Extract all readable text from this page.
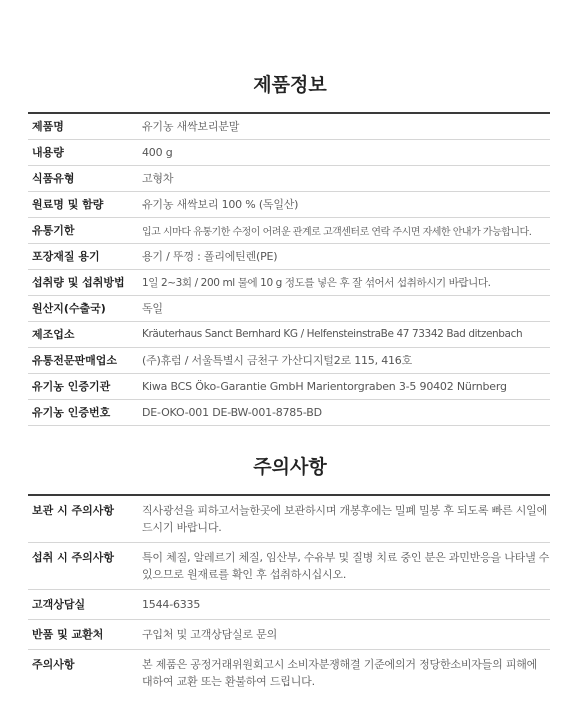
제품정보
제품명	유기농 새싹보리분말
내용량	400 g
식품유형	고형차
원료명 및 함량	유기농 새싹보리 100 % (독일산)
유통기한	입고 시마다 유통기한 수정이 어려운 관계로 고객센터로 연락 주시면 자세한 안내가 가능합니다.
포장재질 용기	용기 / 뚜껑 : 폴리에틴렌(PE)
섭취량 및 섭취방법	1일 2~3회 / 200 ml 물에 10 g 정도를 넣은 후 잘 섞어서 섭취하시기 바랍니다.
원산지(수출국)	독일
제조업소	Kräuterhaus Sanct Bernhard KG / HelfensteinstraBe 47 73342 Bad ditzenbach
유통전문판매업소	(주)휴럼 / 서울특별시 금천구 가산디지털2로 115, 416호
유기농 인증기관	Kiwa BCS Öko-Garantie GmbH Marientorgraben 3-5 90402 Nürnberg
유기농 인증번호	DE-OKO-001 DE-BW-001-8785-BD
주의사항
보관 시 주의사항	직사광선을 피하고서늘한곳에 보관하시며 개봉후에는 밀폐 밀봉 후 되도록 빠른 시일에 드시기 바랍니다.
섭취 시 주의사항	특이 체질, 알레르기 체질, 임산부, 수유부 및 질병 치료 중인 분은 과민반응을 나타낼 수 있으므로 원재료를 확인 후 섭취하시십시오.
고객상담실	1544-6335
반품 및 교환처	구입처 및 고객상담실로 문의
주의사항	본 제품은 공정거래위원회고시 소비자분쟁해결 기준에의거 정당한소비자들의 피해에 대하여 교환 또는 환불하여 드립니다.
